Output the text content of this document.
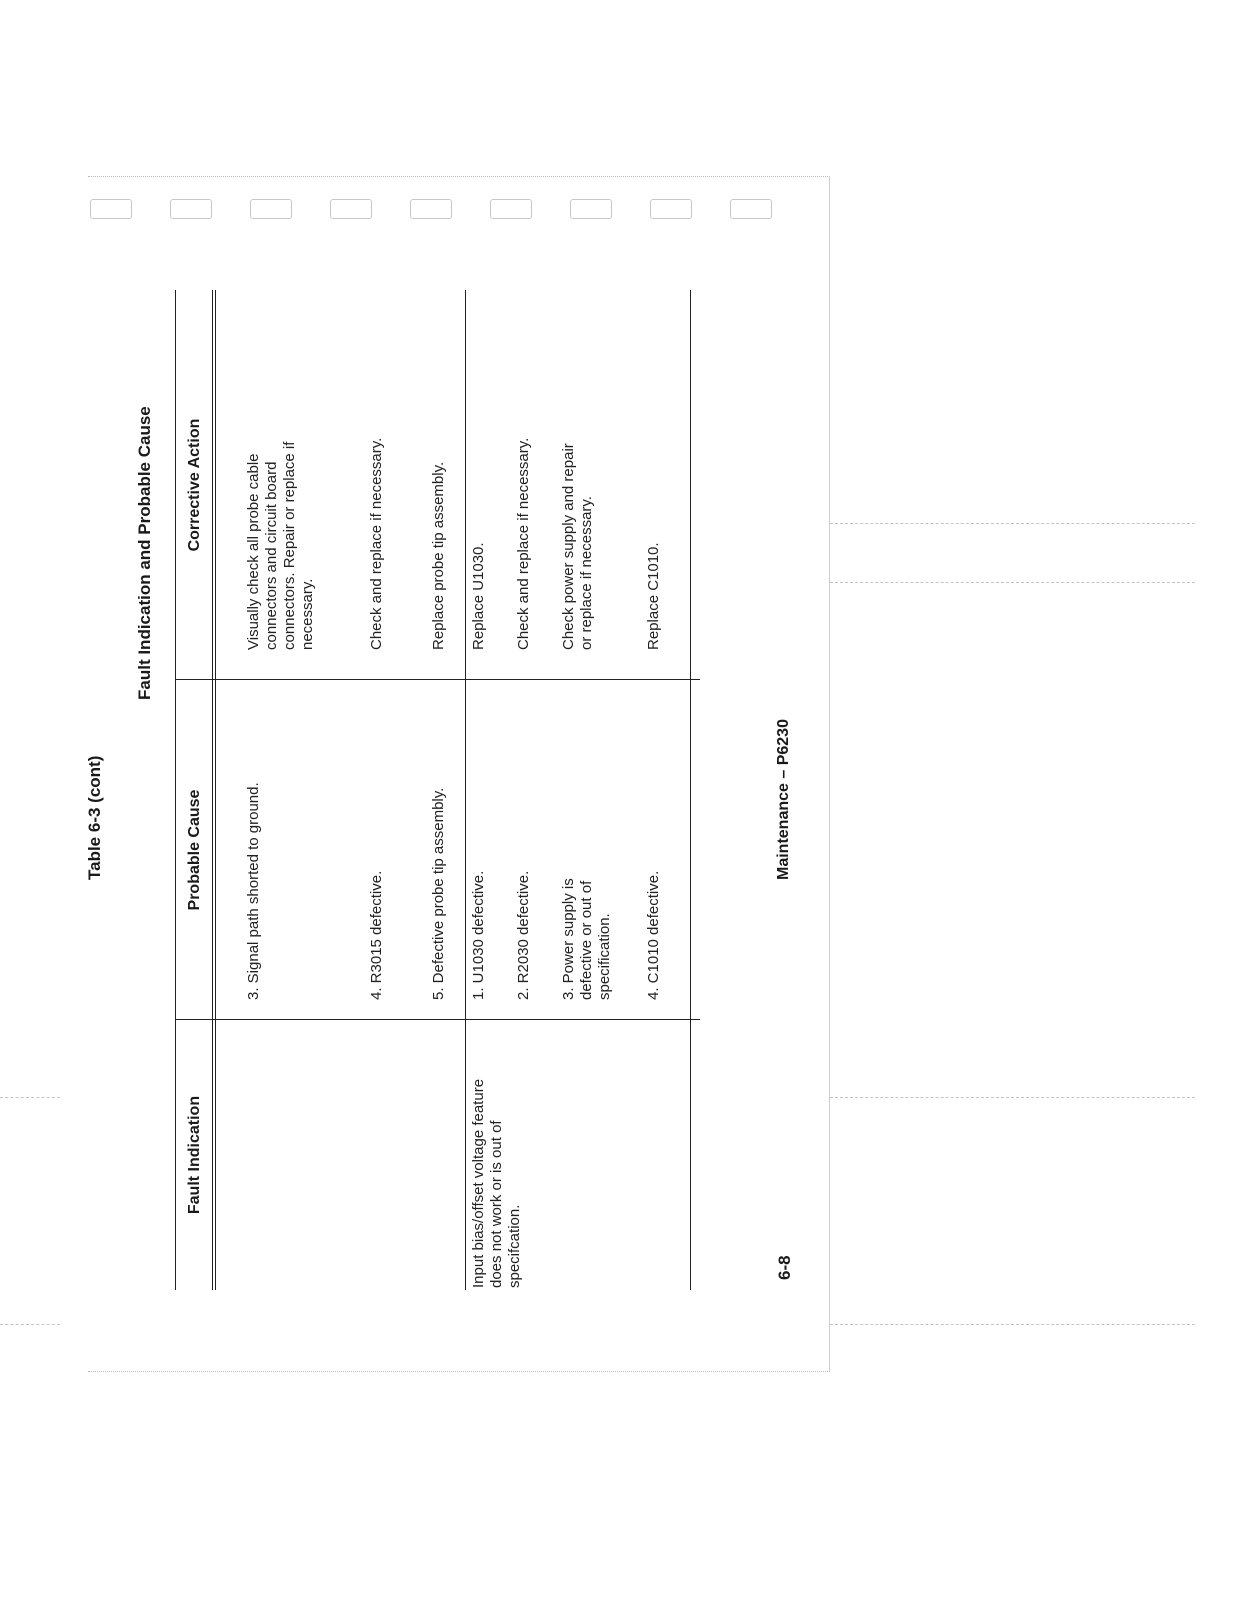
Table 6-3 (cont)
Fault Indication and Probable Cause
Fault Indication
Probable Cause
Corrective Action
3. Signal path shorted to ground.
Visually check all probe cable connectors and circuit board connectors. Repair or replace if necessary.
4. R3015 defective.
Check and replace if necessary.
5. Defective probe tip assembly.
Replace probe tip assembly.
Input bias/offset voltage feature does not work or is out of specifcation.
1. U1030 defective.
Replace U1030.
2. R2030 defective.
Check and replace if necessary.
3. Power supply is defective or out of specification.
Check power supply and repair or replace if necessary.
4. C1010 defective.
Replace C1010.
6-8
Maintenance – P6230
